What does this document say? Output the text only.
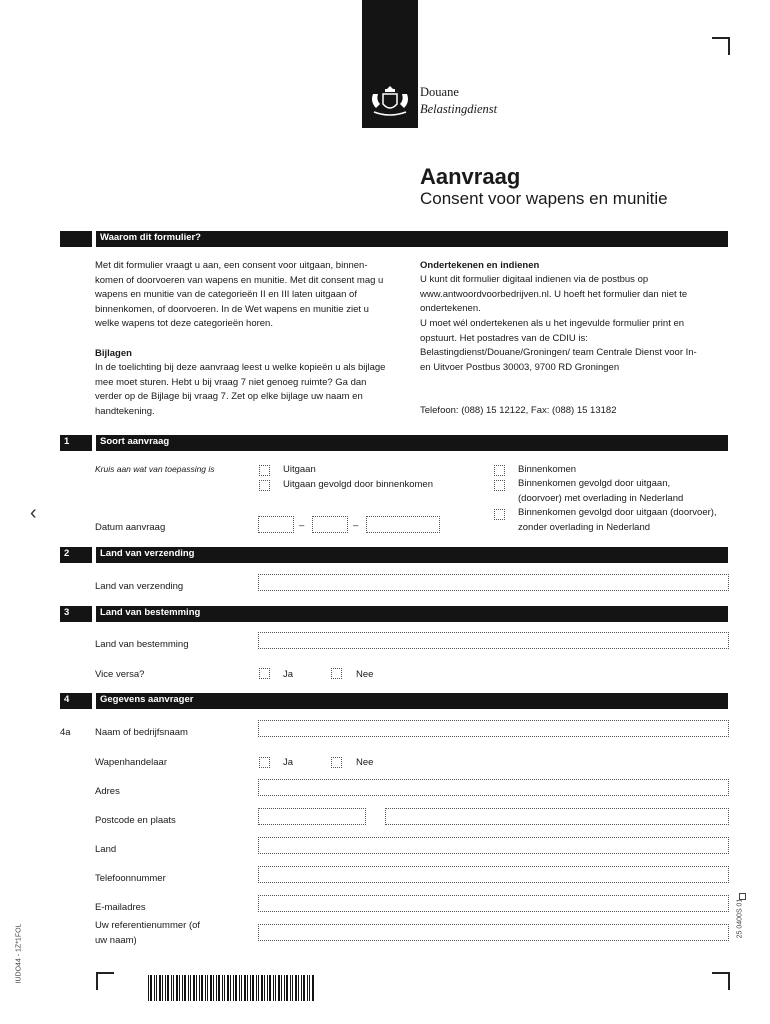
Douane
Belastingdienst
‹
Aanvraag
Consent voor wapens en munitie
Waarom dit formulier?
Met dit formulier vraagt u aan, een consent voor uitgaan, binnen-komen of doorvoeren van wapens en munitie. Met dit consent mag u wapens en munitie van de categorieën II en III laten uitgaan of binnenkomen, of doorvoeren. In de Wet wapens en munitie ziet u welke wapens tot deze categorieën horen.
Bijlagen
In de toelichting bij deze aanvraag leest u welke kopieën u als bijlage mee moet sturen. Hebt u bij vraag 7 niet genoeg ruimte? Ga dan verder op de Bijlage bij vraag 7. Zet op elke bijlage uw naam en handtekening.
Ondertekenen en indienen
U kunt dit formulier digitaal indienen via de postbus op www.antwoordvoorbedrijven.nl. U hoeft het formulier dan niet te ondertekenen.
U moet wél ondertekenen als u het ingevulde formulier print en opstuurt. Het postadres van de CDIU is: Belastingdienst/Douane/Groningen/ team Centrale Dienst voor In- en Uitvoer Postbus 30003, 9700 RD Groningen
Telefoon: (088) 15 12122, Fax: (088) 15 13182
1	Soort aanvraag
Kruis aan wat van toepassing is	Uitgaan
Uitgaan gevolgd door binnenkomen
Binnenkomen
Binnenkomen gevolgd door uitgaan, (doorvoer) met overlading in Nederland
Binnenkomen gevolgd door uitgaan (doorvoer), zonder overlading in Nederland
Datum aanvraag	–	–
2	Land van verzending
Land van verzending
3	Land van bestemming
Land van bestemming
Vice versa?	Ja	Nee
4	Gegevens aanvrager
4a	Naam of bedrijfsnaam
Wapenhandelaar	Ja	Nee
Adres
Postcode en plaats
Land
Telefoonnummer
E-mailadres
Uw referentienummer (of uw naam)
IUDO44 - 1Z*1FOL
25 0400S 01
